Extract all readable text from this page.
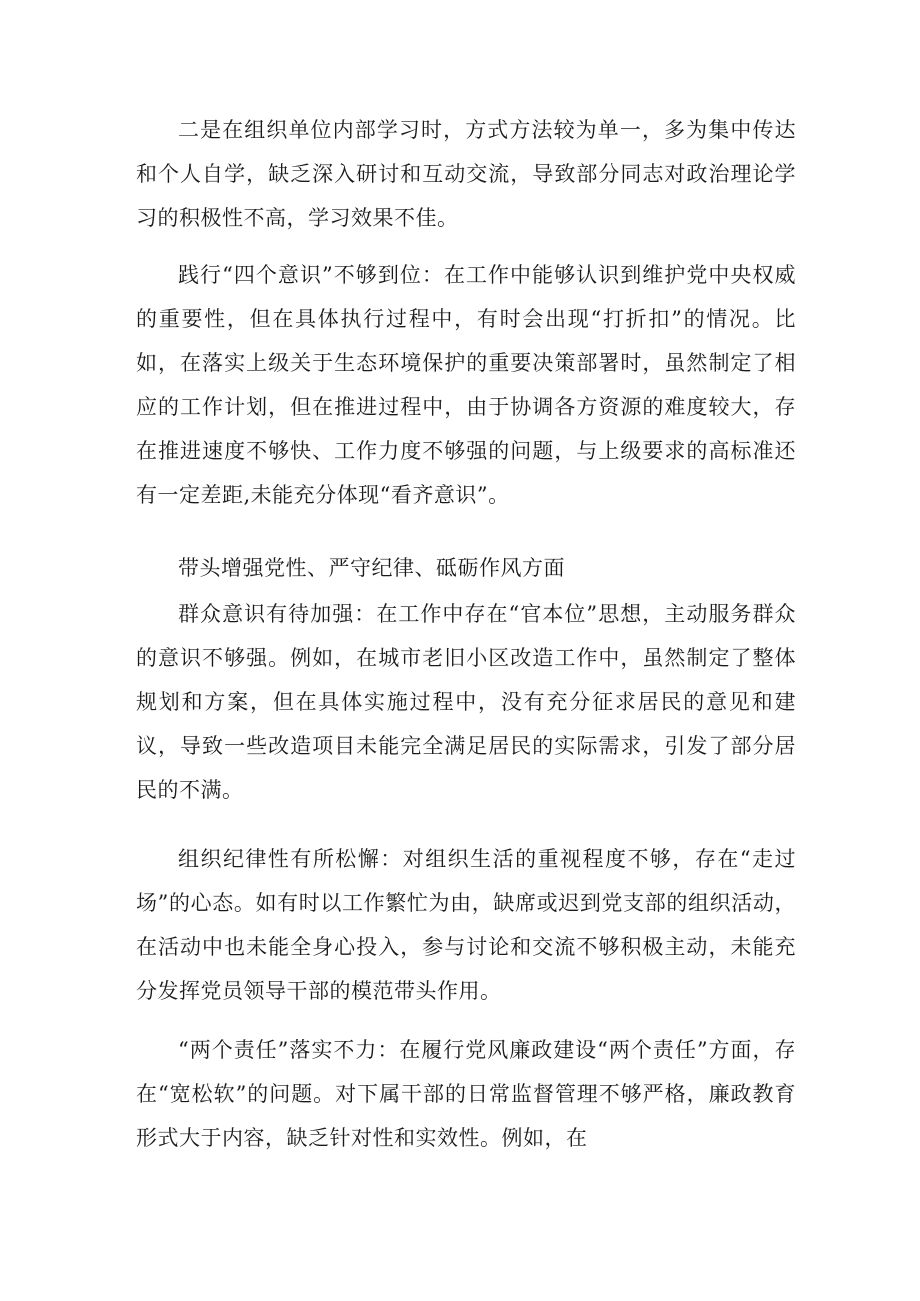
二是在组织单位内部学习时，方式方法较为单一，多为集中传达和个人自学，缺乏深入研讨和互动交流，导致部分同志对政治理论学习的积极性不高，学习效果不佳。

践行“四个意识”不够到位：在工作中能够认识到维护党中央权威的重要性，但在具体执行过程中，有时会出现“打折扣”的情况。比如，在落实上级关于生态环境保护的重要决策部署时，虽然制定了相应的工作计划，但在推进过程中，由于协调各方资源的难度较大，存在推进速度不够快、工作力度不够强的问题，与上级要求的高标准还有一定差距,未能充分体现“看齐意识”。

带头增强党性、严守纪律、砥砺作风方面

群众意识有待加强：在工作中存在“官本位”思想，主动服务群众的意识不够强。例如，在城市老旧小区改造工作中，虽然制定了整体规划和方案，但在具体实施过程中，没有充分征求居民的意见和建议，导致一些改造项目未能完全满足居民的实际需求，引发了部分居民的不满。

组织纪律性有所松懈：对组织生活的重视程度不够，存在“走过场”的心态。如有时以工作繁忙为由，缺席或迟到党支部的组织活动，在活动中也未能全身心投入，参与讨论和交流不够积极主动，未能充分发挥党员领导干部的模范带头作用。

“两个责任”落实不力：在履行党风廉政建设“两个责任”方面，存在“宽松软”的问题。对下属干部的日常监督管理不够严格，廉政教育形式大于内容，缺乏针对性和实效性。例如，在
